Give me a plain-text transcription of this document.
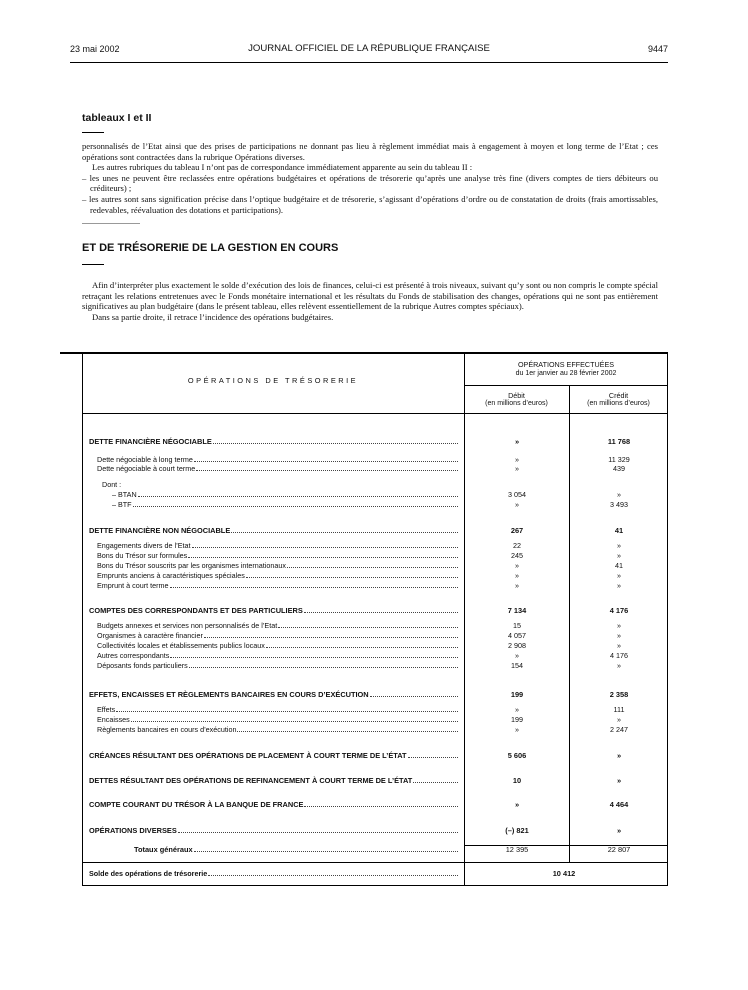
23 mai 2002	JOURNAL OFFICIEL DE LA RÉPUBLIQUE FRANÇAISE	9447
tableaux I et II

personnalisés de l’Etat ainsi que des prises de participations ne donnant pas lieu à règlement immédiat mais à engagement à moyen et long terme de l’Etat ; ces opérations sont contractées dans la rubrique Opérations diverses.

Les autres rubriques du tableau I n’ont pas de correspondance immédiatement apparente au sein du tableau II :

– les unes ne peuvent être reclassées entre opérations budgétaires et opérations de trésorerie qu’après une analyse très fine (divers comptes de tiers débiteurs ou créditeurs) ;

– les autres sont sans signification précise dans l’optique budgétaire et de trésorerie, s’agissant d’opérations d’ordre ou de constatation de droits (frais amortissables, redevables, réévaluation des dotations et participations).

ET DE TRÉSORERIE DE LA GESTION EN COURS

Afin d’interpréter plus exactement le solde d’exécution des lois de finances, celui-ci est présenté à trois niveaux, suivant qu’y sont ou non compris le compte spécial retraçant les relations entretenues avec le Fonds monétaire international et les résultats du Fonds de stabilisation des changes, opérations qui ne sont pas entièrement significatives au plan budgétaire (dans le présent tableau, elles relèvent essentiellement de la rubrique Autres comptes spéciaux).

Dans sa partie droite, il retrace l’incidence des opérations budgétaires.

OPÉRATIONS DE TRÉSORERIE
OPÉRATIONS EFFECTUÉES
du 1er janvier au 28 février 2002
Débit
(en millions d’euros)
Crédit
(en millions d’euros)
DETTE FINANCIÈRE NÉGOCIABLE	»	11 768
Dette négociable à long terme	»	11 329
Dette négociable à court terme	»	439
Dont :
– BTAN	3 054	»
– BTF	»	3 493
DETTE FINANCIÈRE NON NÉGOCIABLE	267	41
Engagements divers de l’Etat	22	»
Bons du Trésor sur formules	245	»
Bons du Trésor souscrits par les organismes internationaux	»	41
Emprunts anciens à caractéristiques spéciales	»	»
Emprunt à court terme	»	»
COMPTES DES CORRESPONDANTS ET DES PARTICULIERS	7 134	4 176
Budgets annexes et services non personnalisés de l’Etat	15	»
Organismes à caractère financier	4 057	»
Collectivités locales et établissements publics locaux	2 908	»
Autres correspondants	»	4 176
Déposants fonds particuliers	154	»
EFFETS, ENCAISSES ET RÈGLEMENTS BANCAIRES EN COURS D’EXÉCUTION	199	2 358
Effets	»	111
Encaisses	199	»
Règlements bancaires en cours d’exécution	»	2 247
CRÉANCES RÉSULTANT DES OPÉRATIONS DE PLACEMENT À COURT TERME DE L’ÉTAT	5 606	»
DETTES RÉSULTANT DES OPÉRATIONS DE REFINANCEMENT À COURT TERME DE L’ÉTAT	10	»
COMPTE COURANT DU TRÉSOR À LA BANQUE DE FRANCE	»	4 464
OPÉRATIONS DIVERSES	(–) 821	»
Totaux généraux	12 395	22 807
Solde des opérations de trésorerie	10 412
